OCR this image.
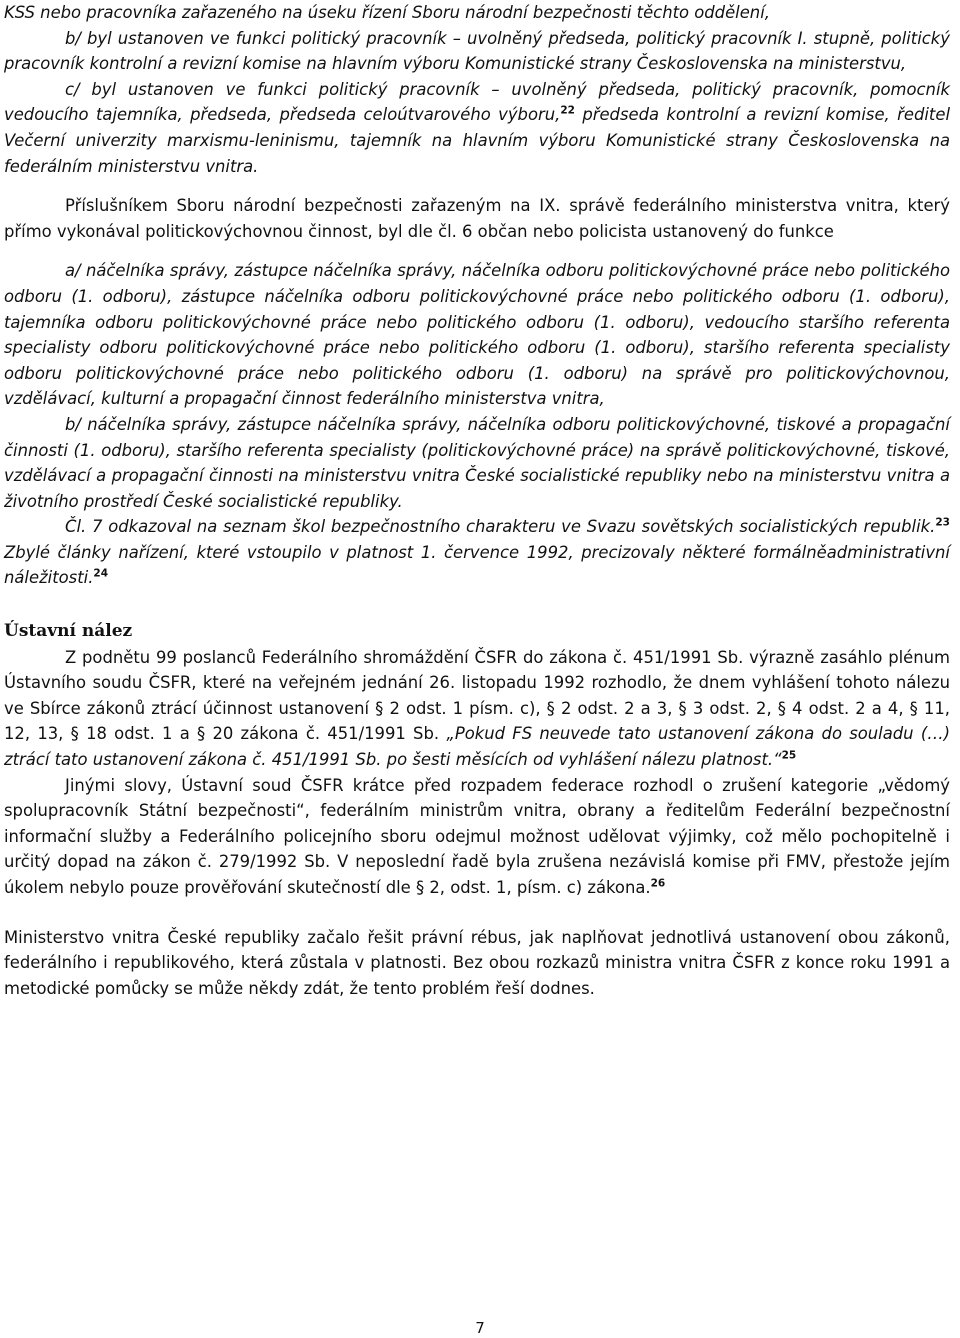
KSS nebo pracovníka zařazeného na úseku řízení Sboru národní bezpečnosti těchto oddělení,

b/ byl ustanoven ve funkci politický pracovník – uvolněný předseda, politický pracovník I. stupně, politický pracovník kontrolní a revizní komise na hlavním výboru Komunistické strany Československa na ministerstvu,

c/ byl ustanoven ve funkci politický pracovník – uvolněný předseda, politický pracovník, pomocník vedoucího tajemníka, předseda, předseda celoútvarového výboru,$^{22}$ předseda kontrolní a revizní komise, ředitel Večerní univerzity marxismu-leninismu, tajemník na hlavním výboru Komunistické strany Československa na federálním ministerstvu vnitra.

Příslušníkem Sboru národní bezpečnosti zařazeným na IX. správě federálního ministerstva vnitra, který přímo vykonával politickovýchovnou činnost, byl dle čl. 6 občan nebo policista ustanovený do funkce

a/ náčelníka správy, zástupce náčelníka správy, náčelníka odboru politickovýchovné práce nebo politického odboru (1. odboru), zástupce náčelníka odboru politickovýchovné práce nebo politického odboru (1. odboru), tajemníka odboru politickovýchovné práce nebo politického odboru (1. odboru), vedoucího staršího referenta specialisty odboru politickovýchovné práce nebo politického odboru (1. odboru), staršího referenta specialisty odboru politickovýchovné práce nebo politického odboru (1. odboru) na správě pro politickovýchovnou, vzdělávací, kulturní a propagační činnost federálního ministerstva vnitra,

b/ náčelníka správy, zástupce náčelníka správy, náčelníka odboru politickovýchovné, tiskové a propagační činnosti (1. odboru), staršího referenta specialisty (politickovýchovné práce) na správě politickovýchovné, tiskové, vzdělávací a propagační činnosti na ministerstvu vnitra České socialistické republiky nebo na ministerstvu vnitra a životního prostředí České socialistické republiky.

Čl. 7 odkazoval na seznam škol bezpečnostního charakteru ve Svazu sovětských socialistických republik.$^{23}$ Zbylé články nařízení, které vstoupilo v platnost 1. července 1992, precizovaly některé formálněadministrativní náležitosti.$^{24}$

Ústavní nález

Z podnětu 99 poslanců Federálního shromáždění ČSFR do zákona č. 451/1991 Sb. výrazně zasáhlo plénum Ústavního soudu ČSFR, které na veřejném jednání 26. listopadu 1992 rozhodlo, že dnem vyhlášení tohoto nálezu ve Sbírce zákonů ztrácí účinnost ustanovení § 2 odst. 1 písm. c), § 2 odst. 2 a 3, § 3 odst. 2, § 4 odst. 2 a 4, § 11, 12, 13, § 18 odst. 1 a § 20 zákona č. 451/1991 Sb. „Pokud FS neuvede tato ustanovení zákona do souladu (…) ztrácí tato ustanovení zákona č. 451/1991 Sb. po šesti měsících od vyhlášení nálezu platnost.“$^{25}$

Jinými slovy, Ústavní soud ČSFR krátce před rozpadem federace rozhodl o zrušení kategorie „vědomý spolupracovník Státní bezpečnosti“, federálním ministrům vnitra, obrany a ředitelům Federální bezpečnostní informační služby a Federálního policejního sboru odejmul možnost udělovat výjimky, což mělo pochopitelně i určitý dopad na zákon č. 279/1992 Sb. V neposlední řadě byla zrušena nezávislá komise při FMV, přestože jejím úkolem nebylo pouze prověřování skutečností dle § 2, odst. 1, písm. c) zákona.$^{26}$

Ministerstvo vnitra České republiky začalo řešit právní rébus, jak naplňovat jednotlivá ustanovení obou zákonů, federálního i republikového, která zůstala v platnosti. Bez obou rozkazů ministra vnitra ČSFR z konce roku 1991 a metodické pomůcky se může někdy zdát, že tento problém řeší dodnes.

7
